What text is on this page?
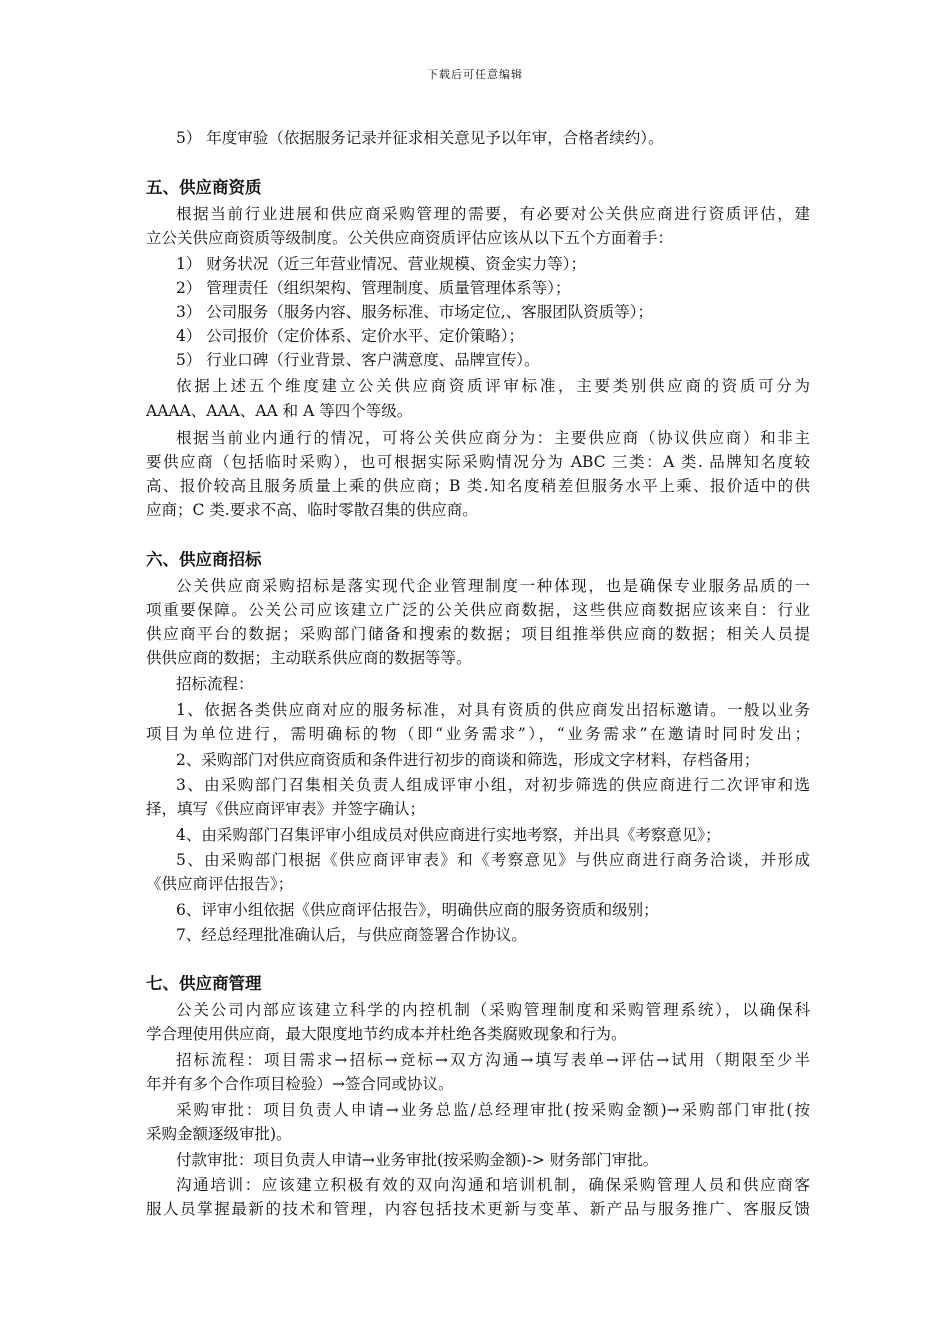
下载后可任意编辑
5） 年度审验（依据服务记录并征求相关意见予以年审，合格者续约）。
五、供应商资质
根据当前行业进展和供应商采购管理的需要，有必要对公关供应商进行资质评估，建
立公关供应商资质等级制度。公关供应商资质评估应该从以下五个方面着手：
1） 财务状况（近三年营业情况、营业规模、资金实力等）；
2） 管理责任（组织架构、管理制度、质量管理体系等）；
3） 公司服务（服务内容、服务标准、市场定位,、客服团队资质等）；
4） 公司报价（定价体系、定价水平、定价策略）；
5） 行业口碑（行业背景、客户满意度、品牌宣传）。
依据上述五个维度建立公关供应商资质评审标准，主要类别供应商的资质可分为
AAAA、AAA、AA 和 A 等四个等级。
根据当前业内通行的情况，可将公关供应商分为：主要供应商（协议供应商）和非主
要供应商（包括临时采购），也可根据实际采购情况分为 ABC 三类：A 类. 品牌知名度较
高、报价较高且服务质量上乘的供应商；B 类.知名度稍差但服务水平上乘、报价适中的供
应商；C 类.要求不高、临时零散召集的供应商。
六、供应商招标
公关供应商采购招标是落实现代企业管理制度一种体现，也是确保专业服务品质的一
项重要保障。公关公司应该建立广泛的公关供应商数据，这些供应商数据应该来自：行业
供应商平台的数据；采购部门储备和搜索的数据；项目组推举供应商的数据；相关人员提
供供应商的数据；主动联系供应商的数据等等。
招标流程：
1、依据各类供应商对应的服务标准，对具有资质的供应商发出招标邀请。一般以业务
项目为单位进行，需明确标的物（即“业务需求”），“业务需求”在邀请时同时发出；
2、采购部门对供应商资质和条件进行初步的商谈和筛选，形成文字材料，存档备用；
3、由采购部门召集相关负责人组成评审小组，对初步筛选的供应商进行二次评审和选
择，填写《供应商评审表》并签字确认；
4、由采购部门召集评审小组成员对供应商进行实地考察，并出具《考察意见》；
5、由采购部门根据《供应商评审表》和《考察意见》与供应商进行商务洽谈，并形成
《供应商评估报告》；
6、评审小组依据《供应商评估报告》，明确供应商的服务资质和级别；
7、经总经理批准确认后，与供应商签署合作协议。
七、供应商管理
公关公司内部应该建立科学的内控机制（采购管理制度和采购管理系统），以确保科
学合理使用供应商，最大限度地节约成本并杜绝各类腐败现象和行为。
招标流程：项目需求→招标→竞标→双方沟通→填写表单→评估→试用（期限至少半
年并有多个合作项目检验）→签合同或协议。
采购审批：项目负责人申请→业务总监/总经理审批(按采购金额)→采购部门审批(按
采购金额逐级审批)。
付款审批：项目负责人申请→业务审批(按采购金额)-> 财务部门审批。
沟通培训：应该建立积极有效的双向沟通和培训机制，确保采购管理人员和供应商客
服人员掌握最新的技术和管理，内容包括技术更新与变革、新产品与服务推广、客服反馈
